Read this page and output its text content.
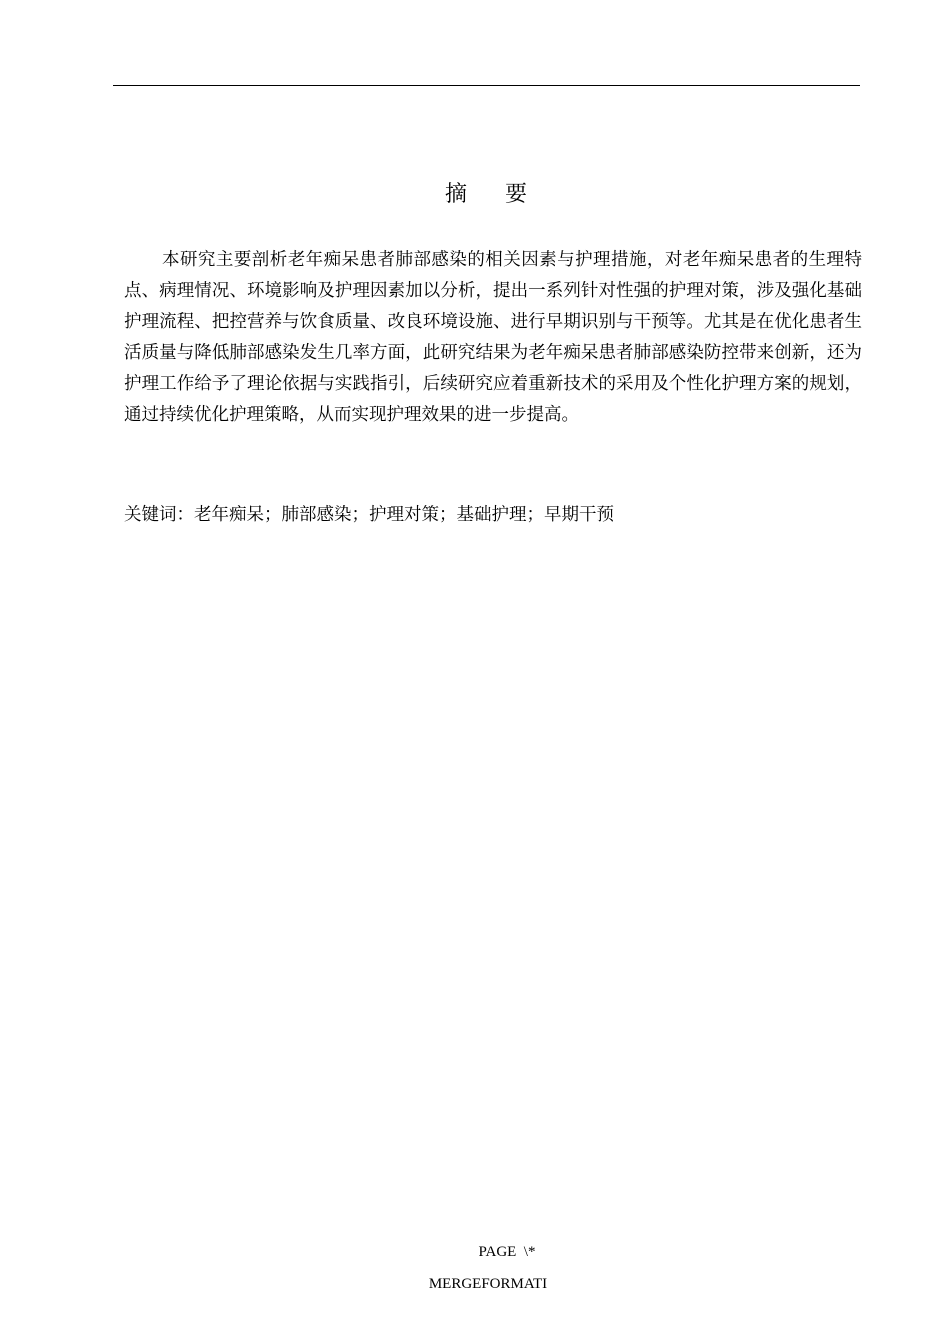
摘 要

本研究主要剖析老年痴呆患者肺部感染的相关因素与护理措施，对老年痴呆患者的生理特点、病理情况、环境影响及护理因素加以分析，提出一系列针对性强的护理对策，涉及强化基础护理流程、把控营养与饮食质量、改良环境设施、进行早期识别与干预等。尤其是在优化患者生活质量与降低肺部感染发生几率方面，此研究结果为老年痴呆患者肺部感染防控带来创新，还为护理工作给予了理论依据与实践指引，后续研究应着重新技术的采用及个性化护理方案的规划，通过持续优化护理策略，从而实现护理效果的进一步提高。

关键词：老年痴呆；肺部感染；护理对策；基础护理；早期干预

PAGE  \*
MERGEFORMATI
